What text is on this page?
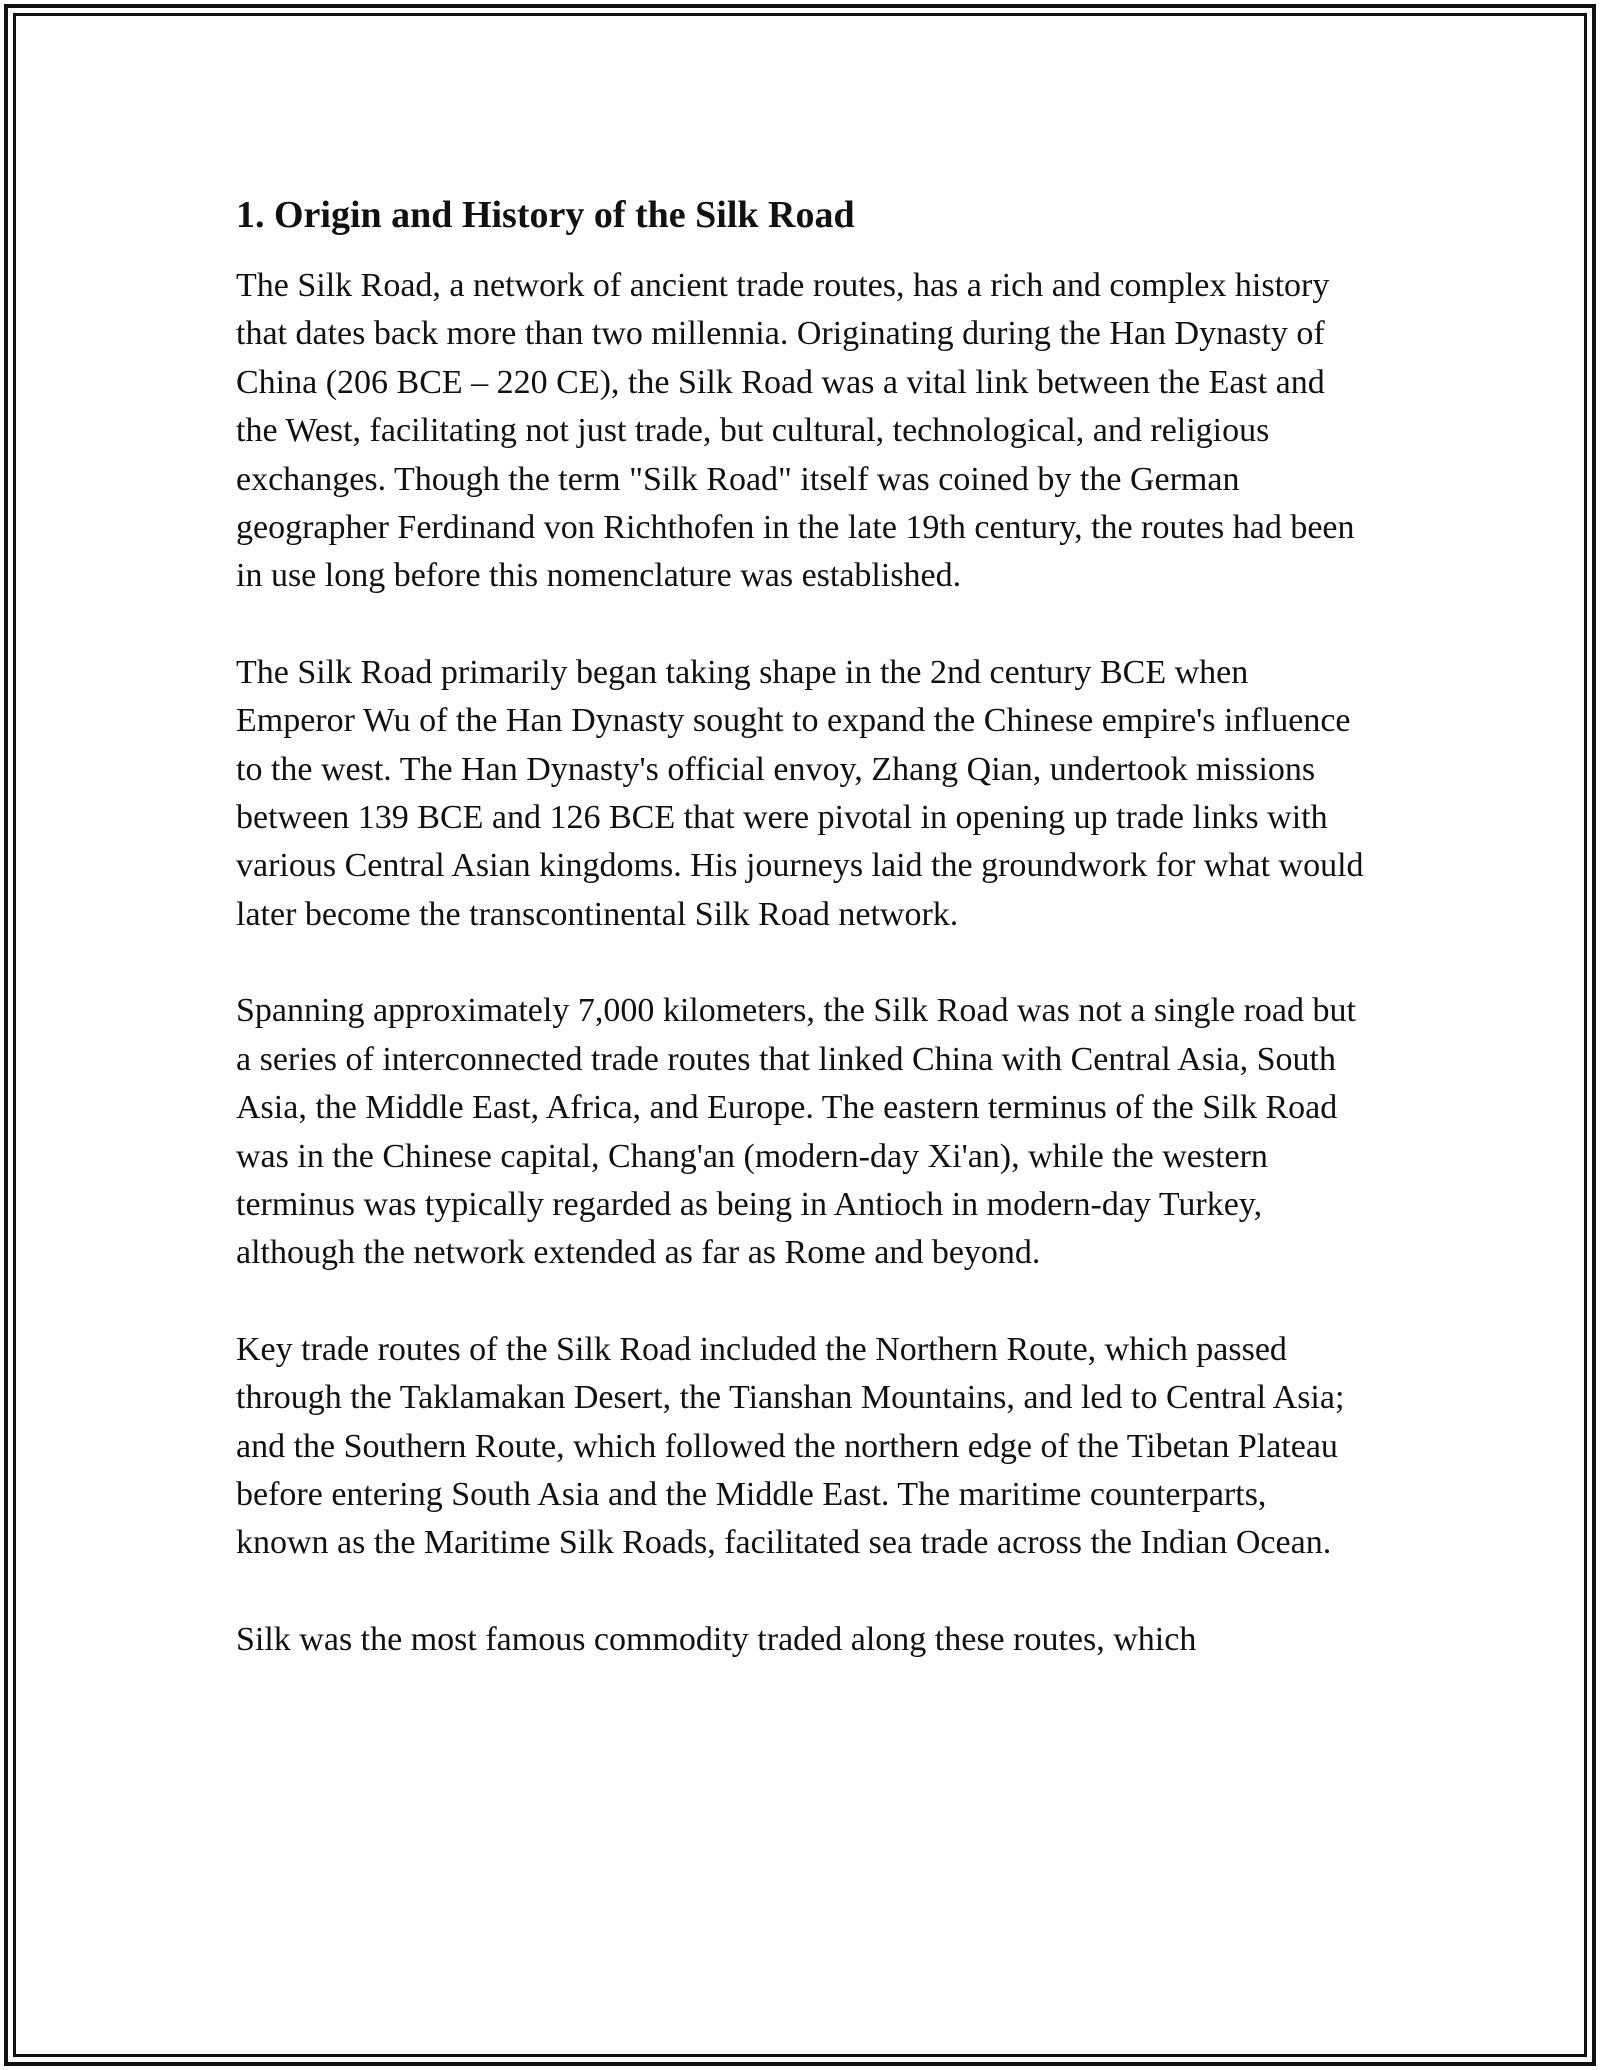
1. Origin and History of the Silk Road

The Silk Road, a network of ancient trade routes, has a rich and complex history that dates back more than two millennia. Originating during the Han Dynasty of China (206 BCE – 220 CE), the Silk Road was a vital link between the East and the West, facilitating not just trade, but cultural, technological, and religious exchanges. Though the term "Silk Road" itself was coined by the German geographer Ferdinand von Richthofen in the late 19th century, the routes had been in use long before this nomenclature was established.

The Silk Road primarily began taking shape in the 2nd century BCE when Emperor Wu of the Han Dynasty sought to expand the Chinese empire's influence to the west. The Han Dynasty's official envoy, Zhang Qian, undertook missions between 139 BCE and 126 BCE that were pivotal in opening up trade links with various Central Asian kingdoms. His journeys laid the groundwork for what would later become the transcontinental Silk Road network.

Spanning approximately 7,000 kilometers, the Silk Road was not a single road but a series of interconnected trade routes that linked China with Central Asia, South Asia, the Middle East, Africa, and Europe. The eastern terminus of the Silk Road was in the Chinese capital, Chang'an (modern-day Xi'an), while the western terminus was typically regarded as being in Antioch in modern-day Turkey, although the network extended as far as Rome and beyond.

Key trade routes of the Silk Road included the Northern Route, which passed through the Taklamakan Desert, the Tianshan Mountains, and led to Central Asia; and the Southern Route, which followed the northern edge of the Tibetan Plateau before entering South Asia and the Middle East. The maritime counterparts, known as the Maritime Silk Roads, facilitated sea trade across the Indian Ocean.

Silk was the most famous commodity traded along these routes, which
